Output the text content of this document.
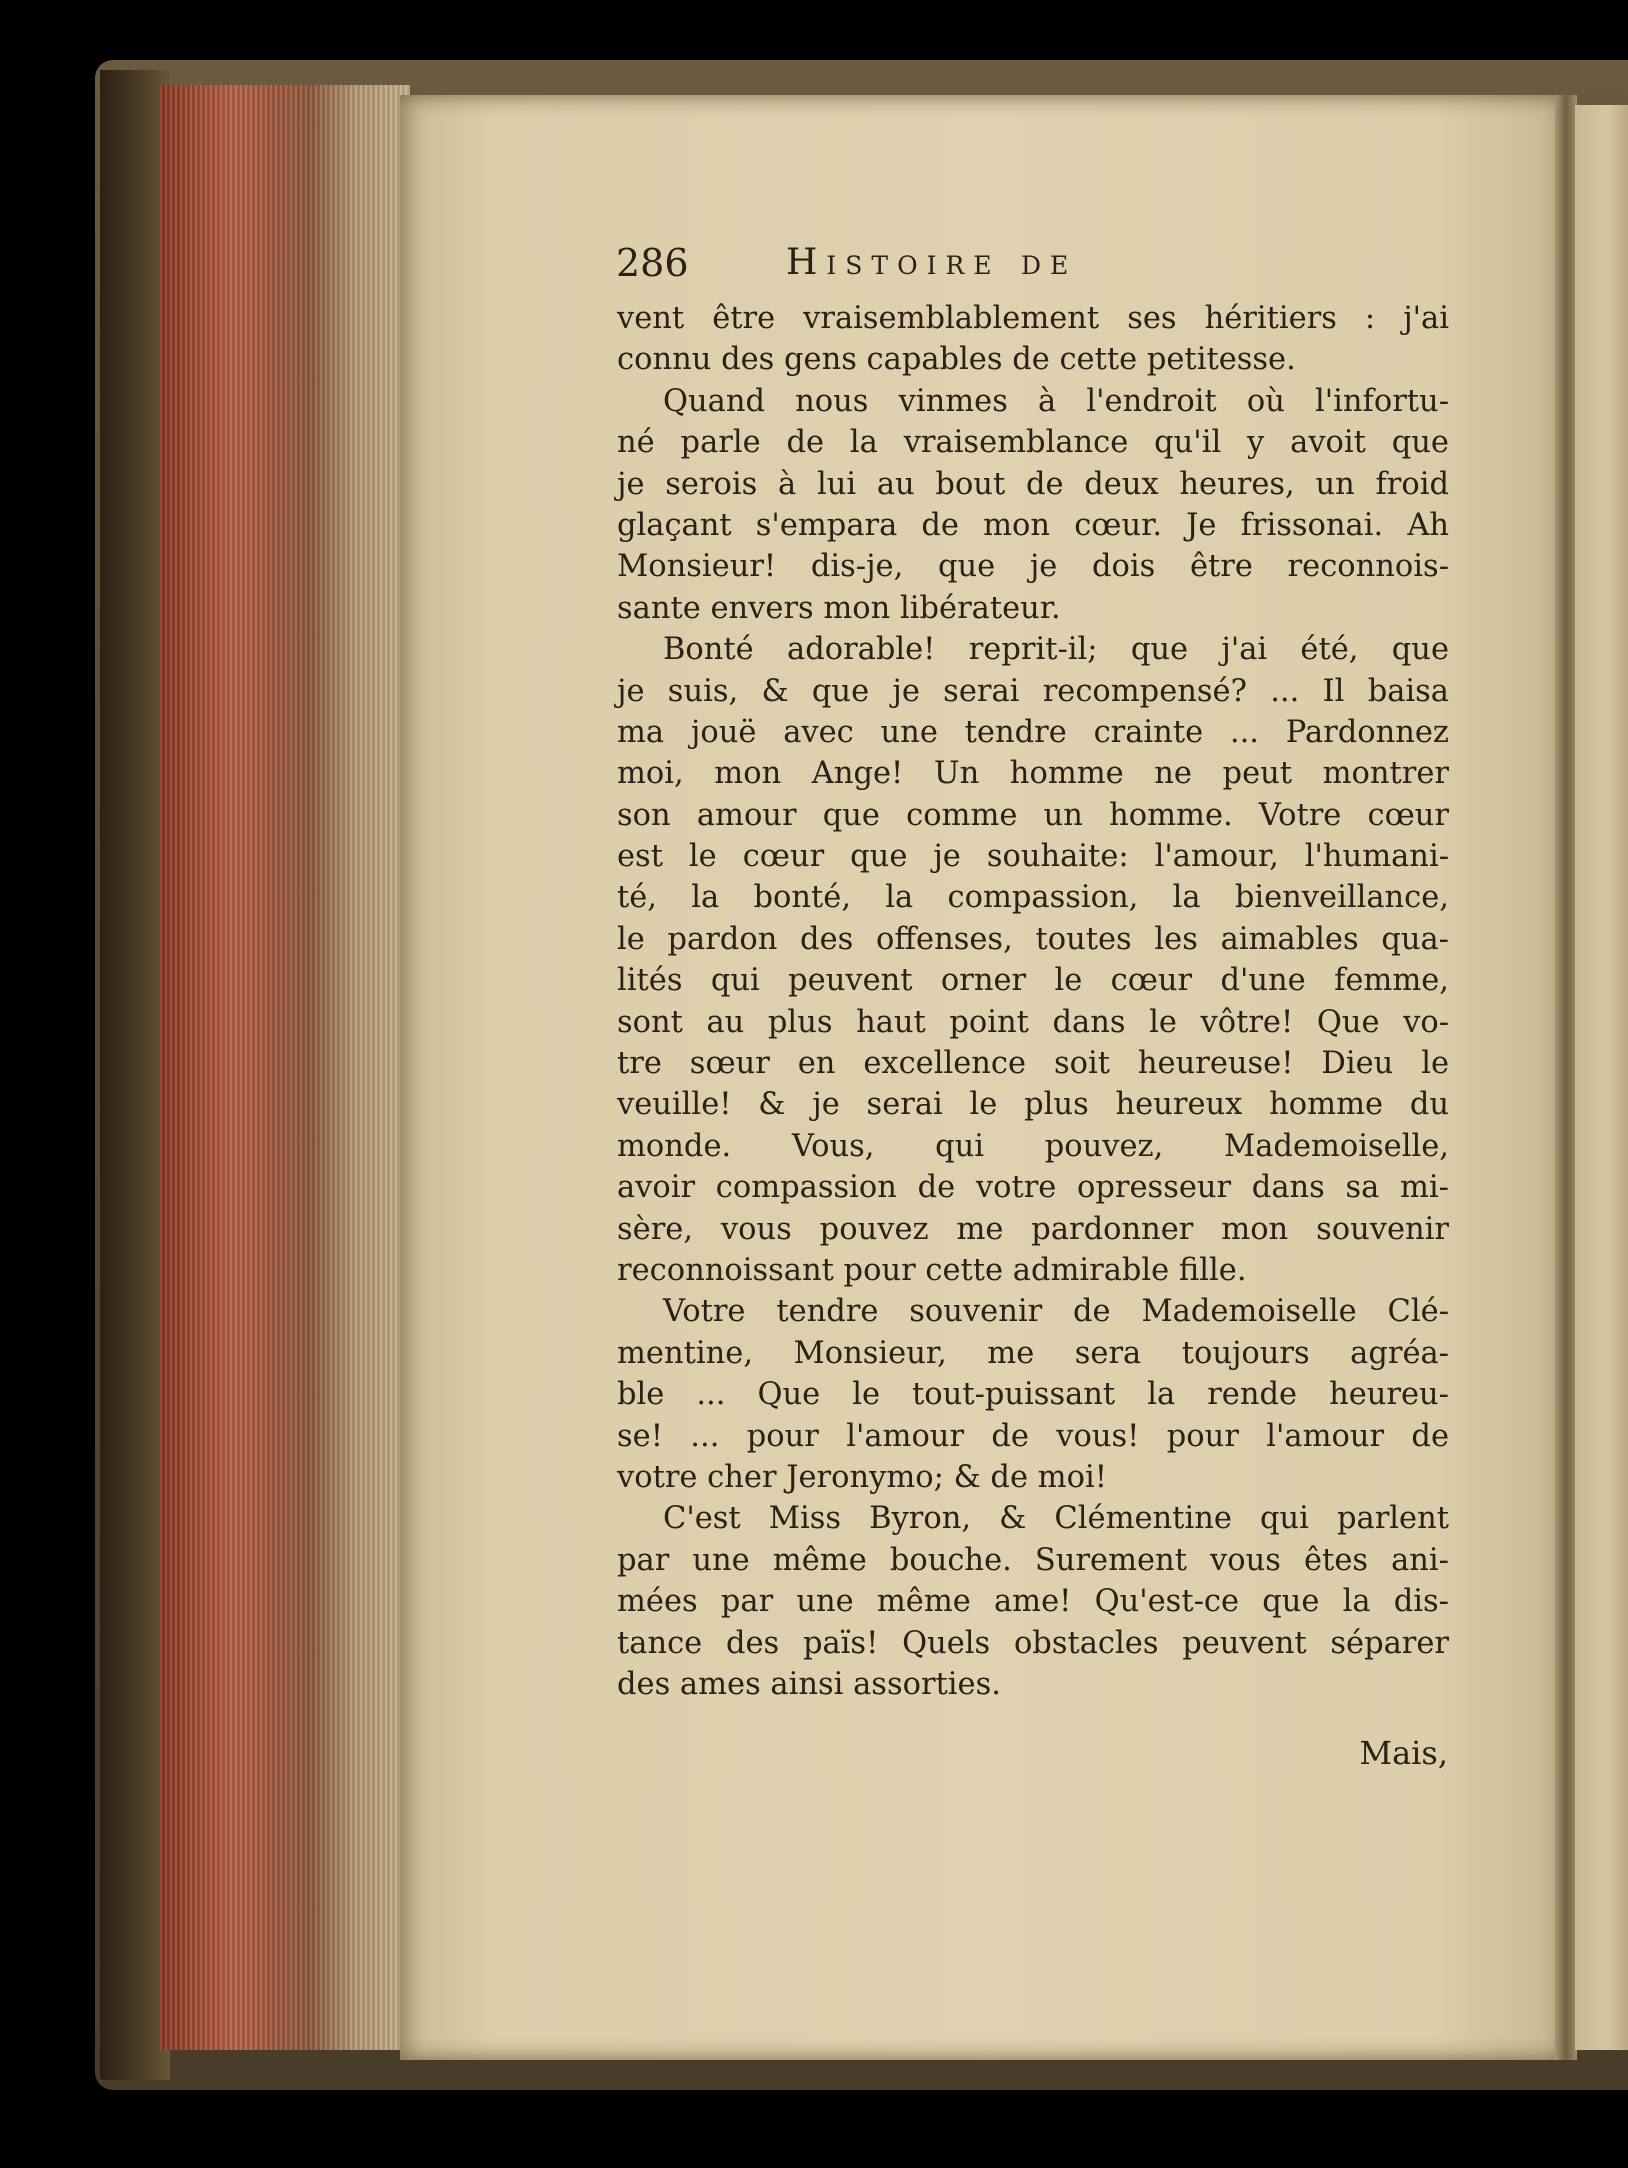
286	Histoire de
vent être vraisemblablement ses héritiers : j'ai
connu des gens capables de cette petitesse.
Quand nous vinmes à l'endroit où l'infortu-
né parle de la vraisemblance qu'il y avoit que
je serois à lui au bout de deux heures, un froid
glaçant s'empara de mon cœur. Je frissonai. Ah
Monsieur! dis-je, que je dois être reconnois-
sante envers mon libérateur.
Bonté adorable! reprit-il; que j'ai été, que
je suis, & que je serai recompensé? ... Il baisa
ma jouë avec une tendre crainte ... Pardonnez
moi, mon Ange! Un homme ne peut montrer
son amour que comme un homme. Votre cœur
est le cœur que je souhaite: l'amour, l'humani-
té, la bonté, la compassion, la bienveillance,
le pardon des offenses, toutes les aimables qua-
lités qui peuvent orner le cœur d'une femme,
sont au plus haut point dans le vôtre! Que vo-
tre sœur en excellence soit heureuse! Dieu le
veuille! & je serai le plus heureux homme du
monde. Vous, qui pouvez, Mademoiselle,
avoir compassion de votre opresseur dans sa mi-
sère, vous pouvez me pardonner mon souvenir
reconnoissant pour cette admirable fille.
Votre tendre souvenir de Mademoiselle Clé-
mentine, Monsieur, me sera toujours agréa-
ble ... Que le tout-puissant la rende heureu-
se! ... pour l'amour de vous! pour l'amour de
votre cher Jeronymo; & de moi!
C'est Miss Byron, & Clémentine qui parlent
par une même bouche. Surement vous êtes ani-
mées par une même ame! Qu'est-ce que la dis-
tance des païs! Quels obstacles peuvent séparer
des ames ainsi assorties.
Mais,
